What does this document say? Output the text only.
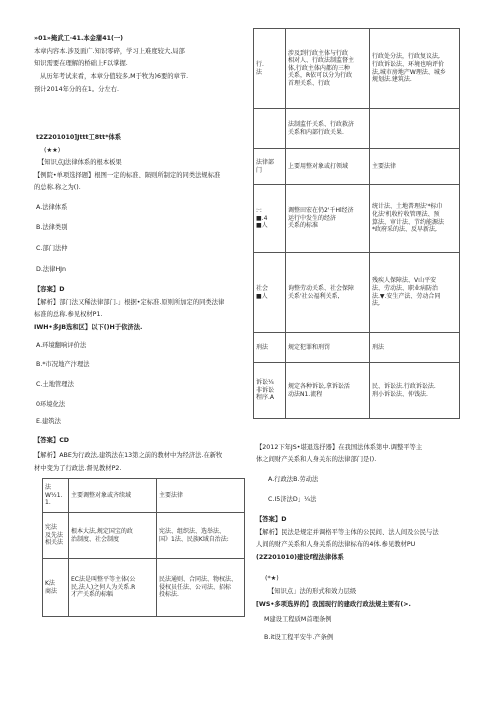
»01»掩武工·41.本金蒲41(一)

本章内容本.涉及面广.知识零碎，学习上难度较大,局部

知识需要在理解的桥础上F以掌握.

从历年考试来看，本章分值较多,M于牧为)6要的章节.

预计2014年分的在1。分左右.

t2Z201010]Jttt工8tt*体系

(★★)

【知识点J法律体系的根本板果

【例院•单项选择题】根图一定的标准、陨则所制定的同类法规标准

的总称.称之为().

A.法律体系

B.法律类别

C.部门法仲

D.法律HJn

【容案】D

【解析】部门法又稀法律部门.」根据•定标准.原则所加定的同类法律

标准的总称.参见权材P1.

IWH•多JB选和区】以下()H于依济法.

A.环境翻响评价法

B.*市况地产汴理法

C.土地管理法

0环境化法

E.建筑法

【答案】CD

【解析】ABE为行政法,建筑法在13第之前的教材中为经济法.在新牧

材中变为了行政法.督见教材P2.

法
W½1.
1.	主要调整对象或齐续域	主要法律
宪法
及先法
相关法	根本大法,规定国宝的政
治制度、社会制度	宪法、组织法、选举法、
国》1法、民族K域自治法:
K法
商法	EC法是叫整平等主体(公
民,法人)之何人为关系.R
才产关系的标幅	民法通则、合同法、物权法、
侵权员任法、公司法、招标
投标法.
行.
法	涉及到行政主体与行政
相对人、行政法制监督主
体,行政主体内都的三种
关系，R依可以分为行政
首理关系、行政	行政处分法，行政复议法,
行政诉讼法、环境也响评价
法,城市房地产W理法、城乡
规划法.建筑法.
	法制监仟关系、行政救济
关系和内部行政关果.	
法律部
门	上要用整对象或打领域	主要法律
:·:
■.4
■人	调整田宏在仍2'千Hl经济
运行中发生的经济
关系的标准	统计法、土地普理法'*标巾
化法'机收柠收管理法、预
算法、审计法、节约能源法
*政府采的法、反早新法,
社会
■人	询整劳动关系、社会保障
关系'社公福利关系,	残疾人保障法、V山平安
法、劳动法、职业病防治
法.▼.安生产法、劳动合同
法,
刑法	规定犯罪和刑罚	刑法
诉讼¼
非诉讼
程序.A	规定各种诉讼,拿诉讼活
动法N1.流程	民、诉讼法.行政诉讼法.
刑小诉讼法、仲饯法.

【2012下年JS•堪退选抒器】在我国法体系第中.调整平等主

体之间财产关系和人身关东的法律部门是().

A.行政法B.劳动法

C.I5济法D」¼法

【答案】D

【解析】民法是规定并调格平等主体的公民间、法人间及公民与法

人间的财产关系和人身关系的法律标布的4体.参见教材PU

(2Z201010)建设f程法律体系

(*★)

【知识点」法的形式和效力层级

[WS•多项选界的】我国现行的建政行政法规主要有(>.

M建设工程质M首理条例

B.it设工程平安牛.产条例
